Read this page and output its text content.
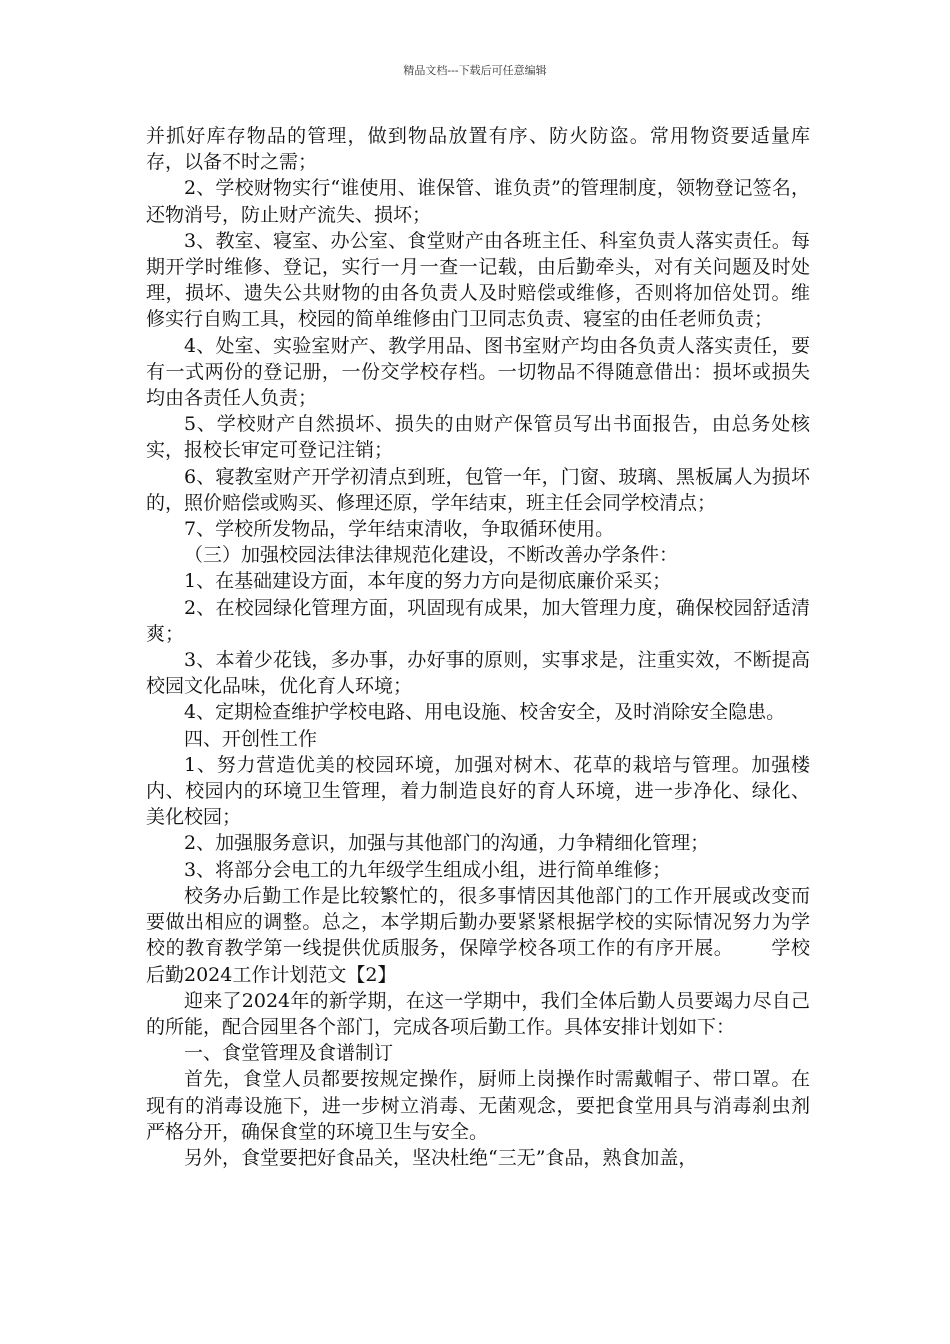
精品文档---下载后可任意编辑

并抓好库存物品的管理，做到物品放置有序、防火防盗。常用物资要适量库存，以备不时之需；

2、学校财物实行“谁使用、谁保管、谁负责”的管理制度，领物登记签名，还物消号，防止财产流失、损坏；

3、教室、寝室、办公室、食堂财产由各班主任、科室负责人落实责任。每期开学时维修、登记，实行一月一查一记载，由后勤牵头，对有关问题及时处理，损坏、遗失公共财物的由各负责人及时赔偿或维修，否则将加倍处罚。维修实行自购工具，校园的简单维修由门卫同志负责、寝室的由任老师负责；

4、处室、实验室财产、教学用品、图书室财产均由各负责人落实责任，要有一式两份的登记册，一份交学校存档。一切物品不得随意借出：损坏或损失均由各责任人负责；

5、学校财产自然损坏、损失的由财产保管员写出书面报告，由总务处核实，报校长审定可登记注销；

6、寝教室财产开学初清点到班，包管一年，门窗、玻璃、黑板属人为损坏的，照价赔偿或购买、修理还原，学年结束，班主任会同学校清点；

7、学校所发物品，学年结束清收，争取循环使用。

（三）加强校园法律法律规范化建设，不断改善办学条件：

1、在基础建设方面，本年度的努力方向是彻底廉价采买；

2、在校园绿化管理方面，巩固现有成果，加大管理力度，确保校园舒适清爽；

3、本着少花钱，多办事，办好事的原则，实事求是，注重实效，不断提高校园文化品味，优化育人环境；

4、定期检查维护学校电路、用电设施、校舍安全，及时消除安全隐患。

四、开创性工作

1、努力营造优美的校园环境，加强对树木、花草的栽培与管理。加强楼内、校园内的环境卫生管理，着力制造良好的育人环境，进一步净化、绿化、美化校园；

2、加强服务意识，加强与其他部门的沟通，力争精细化管理；

3、将部分会电工的九年级学生组成小组，进行简单维修；

校务办后勤工作是比较繁忙的，很多事情因其他部门的工作开展或改变而要做出相应的调整。总之，本学期后勤办要紧紧根据学校的实际情况努力为学校的教育教学第一线提供优质服务，保障学校各项工作的有序开展。 学校后勤2024工作计划范文【2】

迎来了2024年的新学期，在这一学期中，我们全体后勤人员要竭力尽自己的所能，配合园里各个部门，完成各项后勤工作。具体安排计划如下：

一、食堂管理及食谱制订

首先，食堂人员都要按规定操作，厨师上岗操作时需戴帽子、带口罩。在现有的消毒设施下，进一步树立消毒、无菌观念，要把食堂用具与消毒刹虫剂严格分开，确保食堂的环境卫生与安全。

另外，食堂要把好食品关，坚决杜绝“三无”食品，熟食加盖，
